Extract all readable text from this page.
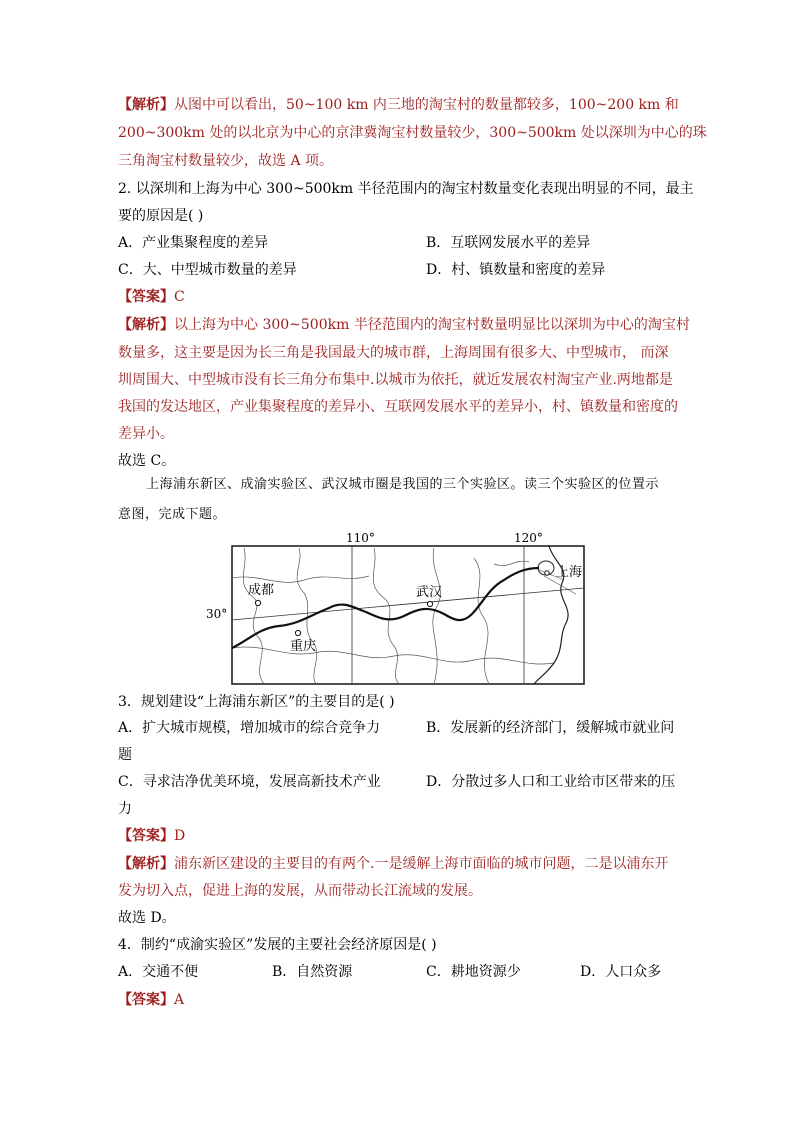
【解析】从图中可以看出，50~100 km 内三地的淘宝村的数量都较多，100~200 km 和
200~300km 处的以北京为中心的京津冀淘宝村数量较少，300~500km 处以深圳为中心的珠
三角淘宝村数量较少，故选 A 项。
2. 以深圳和上海为中心 300~500km 半径范围内的淘宝村数量变化表现出明显的不同，最主
要的原因是( )
A．产业集聚程度的差异	B．互联网发展水平的差异
C．大、中型城市数量的差异	D．村、镇数量和密度的差异
【答案】C
【解析】以上海为中心 300~500km 半径范围内的淘宝村数量明显比以深圳为中心的淘宝村
数量多，这主要是因为长三角是我国最大的城市群，上海周围有很多大、中型城市， 而深
圳周围大、中型城市没有长三角分布集中.以城市为依托，就近发展农村淘宝产业.两地都是
我国的发达地区，产业集聚程度的差异小、互联网发展水平的差异小，村、镇数量和密度的
差异小。
故选 C。
上海浦东新区、成渝实验区、武汉城市圈是我国的三个实验区。读三个实验区的位置示
意图，完成下题。
110°	120°
30°
成都	武汉
上海
重庆
3．规划建设“上海浦东新区”的主要目的是( )
A．扩大城市规模，增加城市的综合竞争力	B．发展新的经济部门，缓解城市就业问
题
C．寻求洁净优美环境，发展高新技术产业	D．分散过多人口和工业给市区带来的压
力
【答案】D
【解析】浦东新区建设的主要目的有两个.一是缓解上海市面临的城市问题，二是以浦东开
发为切入点，促进上海的发展，从而带动长江流域的发展。
故选 D。
4．制约“成渝实验区”发展的主要社会经济原因是( )
A．交通不便	B．自然资源	C．耕地资源少	D．人口众多
【答案】A
